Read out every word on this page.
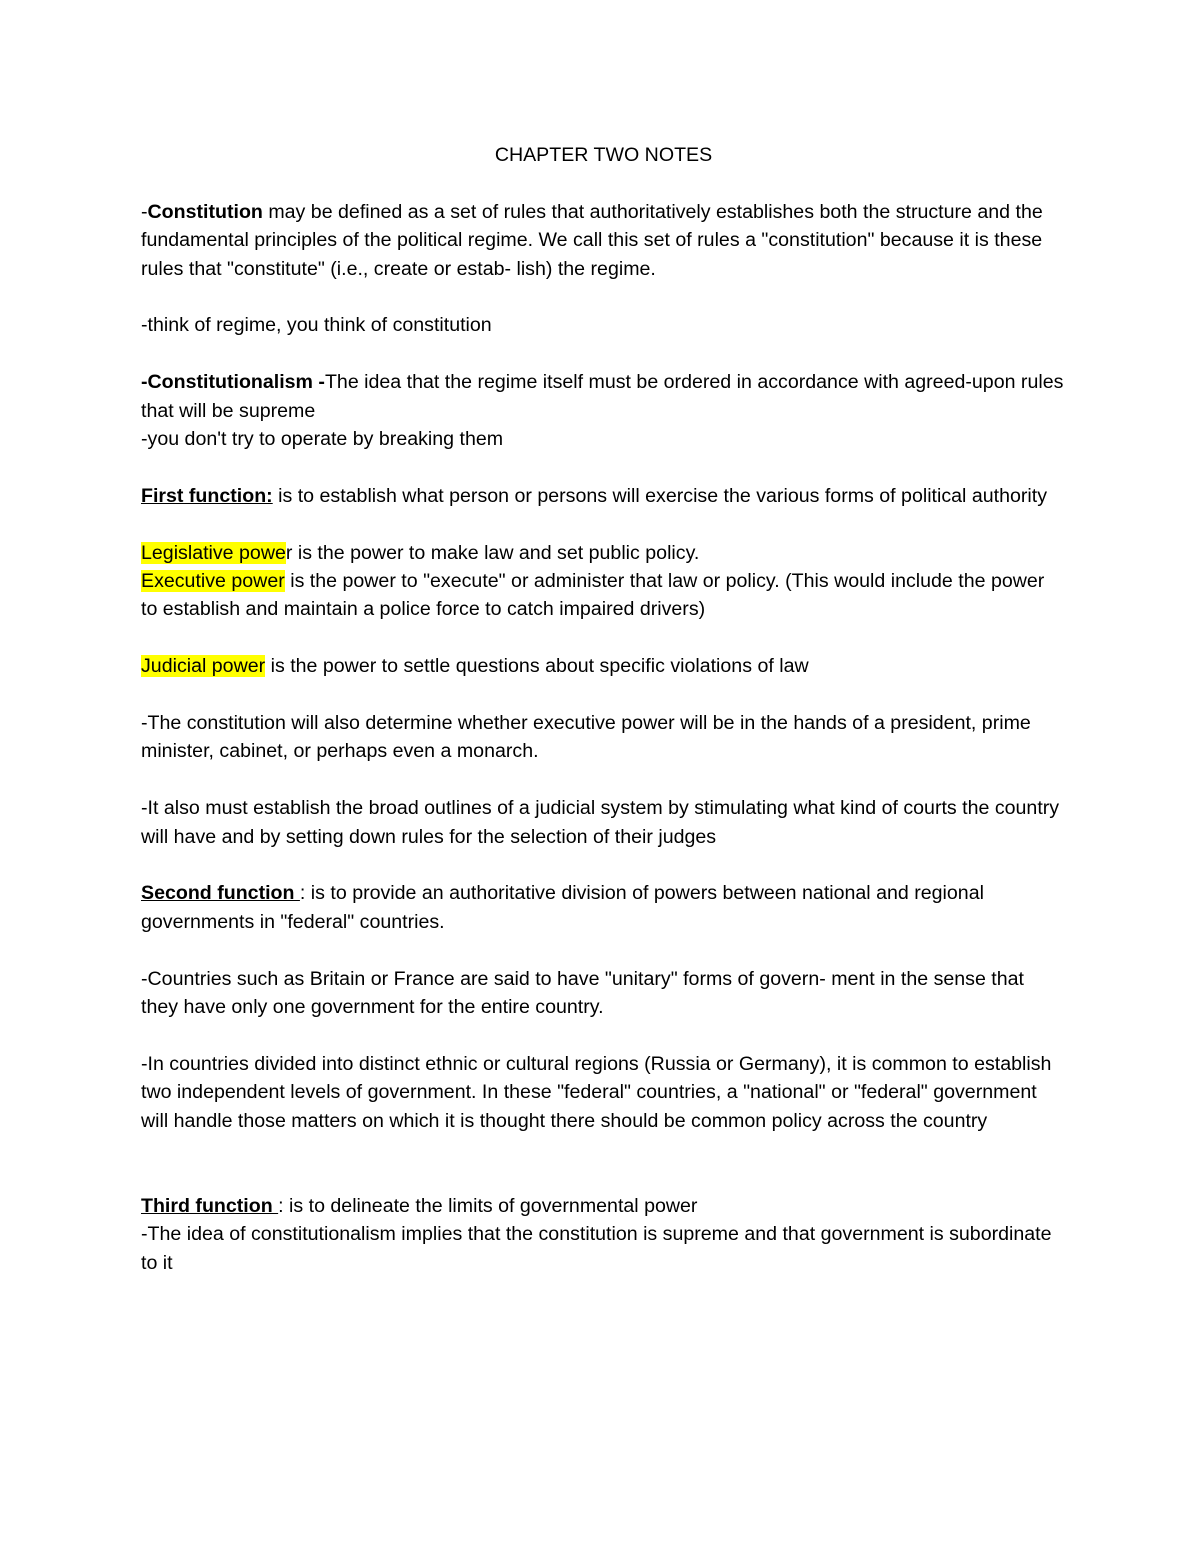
CHAPTER TWO NOTES

-Constitution may be defined as a set of rules that authoritatively establishes both the structure and the fundamental principles of the political regime. We call this set of rules a "constitution" because it is these rules that "constitute" (i.e., create or estab- lish) the regime.

-think of regime, you think of constitution

-Constitutionalism -The idea that the regime itself must be ordered in accordance with agreed-upon rules that will be supreme

-you don't try to operate by breaking them

First function: is to establish what person or persons will exercise the various forms of political authority

Legislative power is the power to make law and set public policy.

Executive power is the power to "execute" or administer that law or policy. (This would include the power to establish and maintain a police force to catch impaired drivers)

Judicial power is the power to settle questions about specific violations of law

-The constitution will also determine whether executive power will be in the hands of a president, prime minister, cabinet, or perhaps even a monarch.

-It also must establish the broad outlines of a judicial system by stimulating what kind of courts the country will have and by setting down rules for the selection of their judges

Second function : is to provide an authoritative division of powers between national and regional governments in "federal" countries.

-Countries such as Britain or France are said to have "unitary" forms of govern- ment in the sense that they have only one government for the entire country.

-In countries divided into distinct ethnic or cultural regions (Russia or Germany), it is common to establish two independent levels of government. In these "federal" countries, a "national" or "federal" government will handle those matters on which it is thought there should be common policy across the country

Third function : is to delineate the limits of governmental power

-The idea of constitutionalism implies that the constitution is supreme and that government is subordinate to it
